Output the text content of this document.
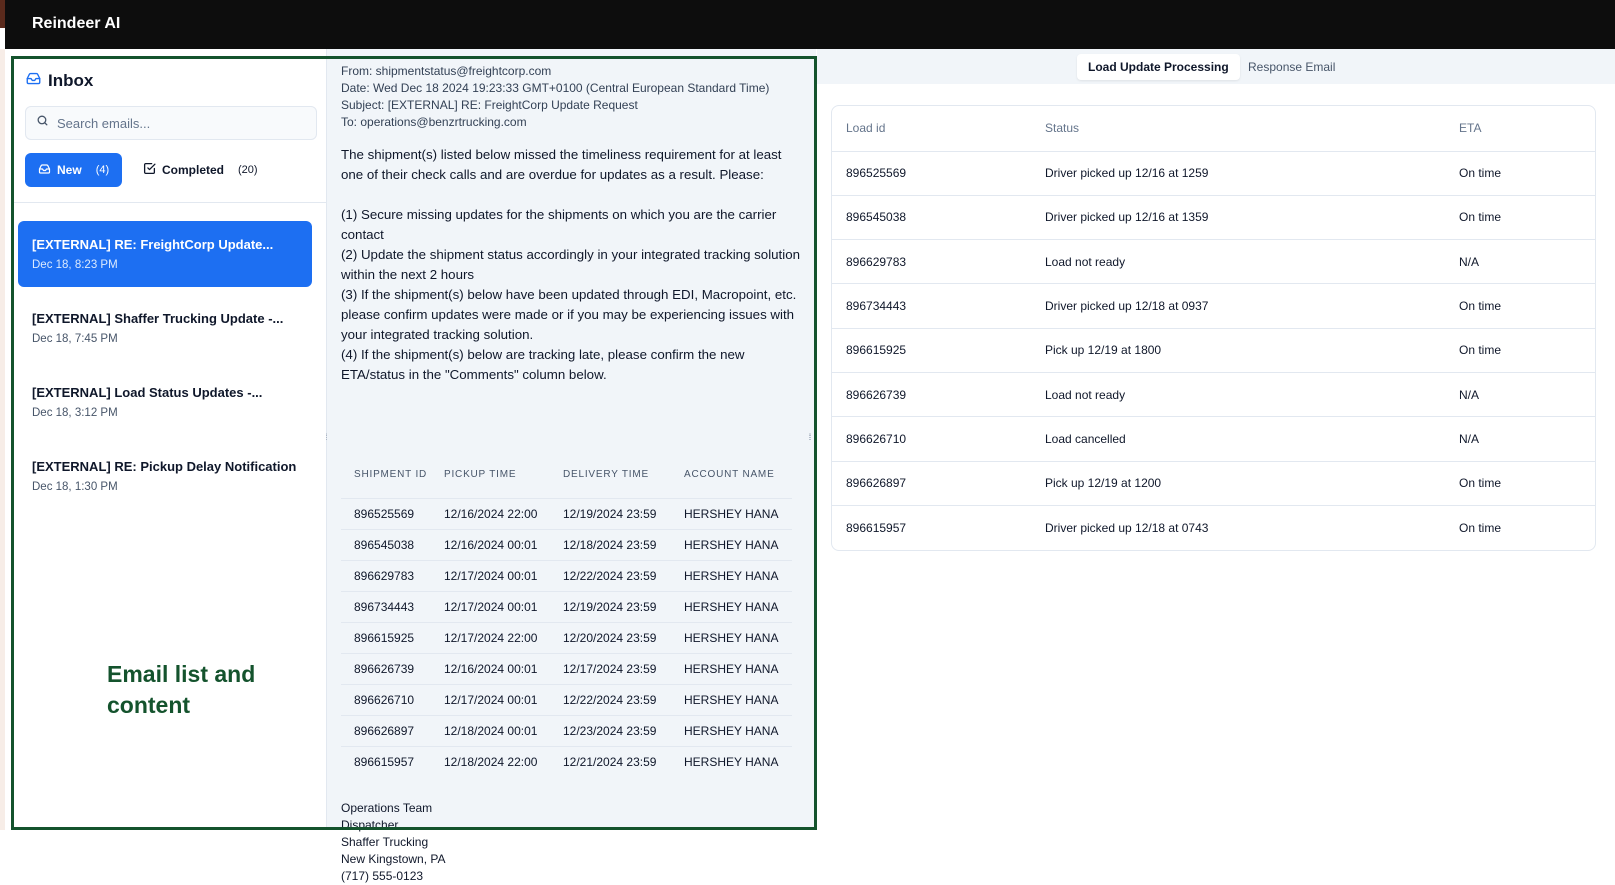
Reindeer AI
Inbox
Search emails...
New (4)	Completed (20)
[EXTERNAL] RE: FreightCorp Update...
Dec 18, 8:23 PM
[EXTERNAL] Shaffer Trucking Update -...
Dec 18, 7:45 PM
[EXTERNAL] Load Status Updates -...
Dec 18, 3:12 PM
[EXTERNAL] RE: Pickup Delay Notification
Dec 18, 1:30 PM
Email list and
content
From: shipmentstatus@freightcorp.com
Date: Wed Dec 18 2024 19:23:33 GMT+0100 (Central European Standard Time)
Subject: [EXTERNAL] RE: FreightCorp Update Request
To: operations@benzrtrucking.com

The shipment(s) listed below missed the timeliness requirement for at least one of their check calls and are overdue for updates as a result. Please:

(1) Secure missing updates for the shipments on which you are the carrier contact

(2) Update the shipment status accordingly in your integrated tracking solution within the next 2 hours

(3) If the shipment(s) below have been updated through EDI, Macropoint, etc. please confirm updates were made or if you may be experiencing issues with your integrated tracking solution.

(4) If the shipment(s) below are tracking late, please confirm the new ETA/status in the "Comments" column below.

SHIPMENT ID	PICKUP TIME	DELIVERY TIME	ACCOUNT NAME
896525569	12/16/2024 22:00	12/19/2024 23:59	HERSHEY HANA
896545038	12/16/2024 00:01	12/18/2024 23:59	HERSHEY HANA
896629783	12/17/2024 00:01	12/22/2024 23:59	HERSHEY HANA
896734443	12/17/2024 00:01	12/19/2024 23:59	HERSHEY HANA
896615925	12/17/2024 22:00	12/20/2024 23:59	HERSHEY HANA
896626739	12/16/2024 00:01	12/17/2024 23:59	HERSHEY HANA
896626710	12/17/2024 00:01	12/22/2024 23:59	HERSHEY HANA
896626897	12/18/2024 00:01	12/23/2024 23:59	HERSHEY HANA
896615957	12/18/2024 22:00	12/21/2024 23:59	HERSHEY HANA
Operations Team
Dispatcher
Shaffer Trucking
New Kingstown, PA
(717) 555-0123
⁞
Load Update Processing	Response Email
Load id	Status	ETA
896525569	Driver picked up 12/16 at 1259	On time
896545038	Driver picked up 12/16 at 1359	On time
896629783	Load not ready	N/A
896734443	Driver picked up 12/18 at 0937	On time
896615925	Pick up 12/19 at 1800	On time
896626739	Load not ready	N/A
896626710	Load cancelled	N/A
896626897	Pick up 12/19 at 1200	On time
896615957	Driver picked up 12/18 at 0743	On time
